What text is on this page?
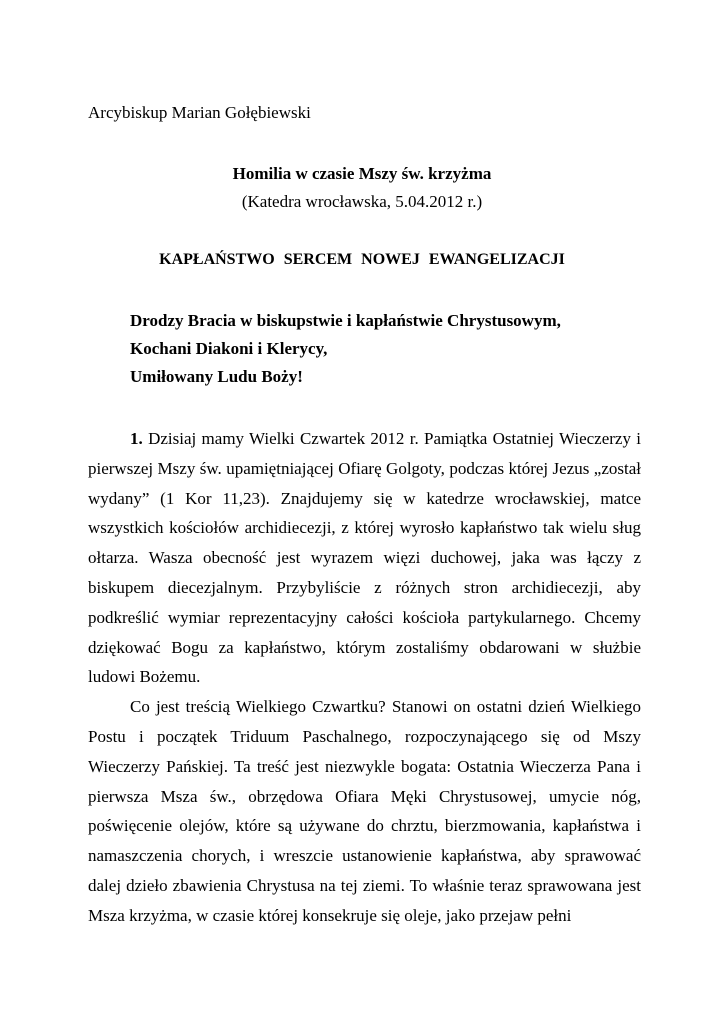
Arcybiskup Marian Gołębiewski
Homilia w czasie Mszy św. krzyżma
(Katedra wrocławska, 5.04.2012 r.)
KAPŁAŃSTWO SERCEM NOWEJ EWANGELIZACJI
Drodzy Bracia w biskupstwie i kapłaństwie Chrystusowym,
Kochani Diakoni i Klerycy,
Umiłowany Ludu Boży!

1. Dzisiaj mamy Wielki Czwartek 2012 r. Pamiątka Ostatniej Wieczerzy i pierwszej Mszy św. upamiętniającej Ofiarę Golgoty, podczas której Jezus „został wydany” (1 Kor 11,23). Znajdujemy się w katedrze wrocławskiej, matce wszystkich kościołów archidiecezji, z której wyrosło kapłaństwo tak wielu sług ołtarza. Wasza obecność jest wyrazem więzi duchowej, jaka was łączy z biskupem diecezjalnym. Przybyliście z różnych stron archidiecezji, aby podkreślić wymiar reprezentacyjny całości kościoła partykularnego. Chcemy dziękować Bogu za kapłaństwo, którym zostaliśmy obdarowani w służbie ludowi Bożemu.

Co jest treścią Wielkiego Czwartku? Stanowi on ostatni dzień Wielkiego Postu i początek Triduum Paschalnego, rozpoczynającego się od Mszy Wieczerzy Pańskiej. Ta treść jest niezwykle bogata: Ostatnia Wieczerza Pana i pierwsza Msza św., obrzędowa Ofiara Męki Chrystusowej, umycie nóg, poświęcenie olejów, które są używane do chrztu, bierzmowania, kapłaństwa i namaszczenia chorych, i wreszcie ustanowienie kapłaństwa, aby sprawować dalej dzieło zbawienia Chrystusa na tej ziemi. To właśnie teraz sprawowana jest Msza krzyżma, w czasie której konsekruje się oleje, jako przejaw pełni
